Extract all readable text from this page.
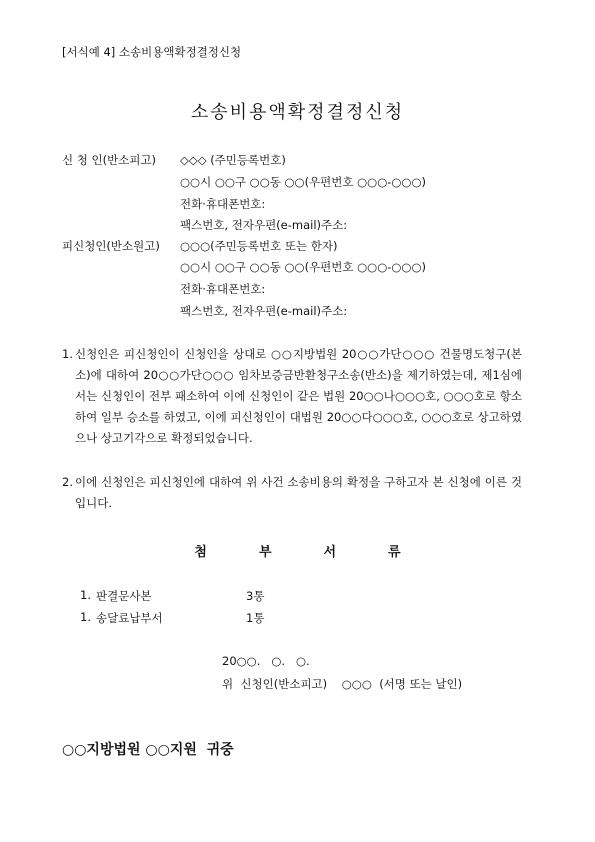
[서식예 4] 소송비용액확정결정신청
소송비용액확정결정신청
신 청 인(반소피고) ◇◇◇ (주민등록번호)
○○시 ○○구 ○○동 ○○(우편번호 ○○○-○○○)
전화·휴대폰번호:
팩스번호, 전자우편(e-mail)주소:
피신청인(반소원고) ○○○(주민등록번호 또는 한자)
○○시 ○○구 ○○동 ○○(우편번호 ○○○-○○○)
전화·휴대폰번호:
팩스번호, 전자우편(e-mail)주소:
1. 신청인은 피신청인이 신청인을 상대로 ○○지방법원 20○○가단○○○ 건물명도청구(본소)에 대하여 20○○가단○○○ 임차보증금반환청구소송(반소)을 제기하였는데, 제1심에서는 신청인이 전부 패소하여 이에 신청인이 같은 법원 20○○나○○○호, ○○○호로 항소하여 일부 승소를 하였고, 이에 피신청인이 대법원 20○○다○○○호, ○○○호로 상고하였으나 상고기각으로 확정되었습니다.
2. 이에 신청인은 피신청인에 대하여 위 사건 소송비용의 확정을 구하고자 본 신청에 이른 것입니다.
첨	부	서	류
1. 판결문사본	3통
1. 송달료납부서	1통
20○○.   ○.   ○.
위  신청인(반소피고)    ○○○  (서명 또는 날인)
○○지방법원 ○○지원  귀중
